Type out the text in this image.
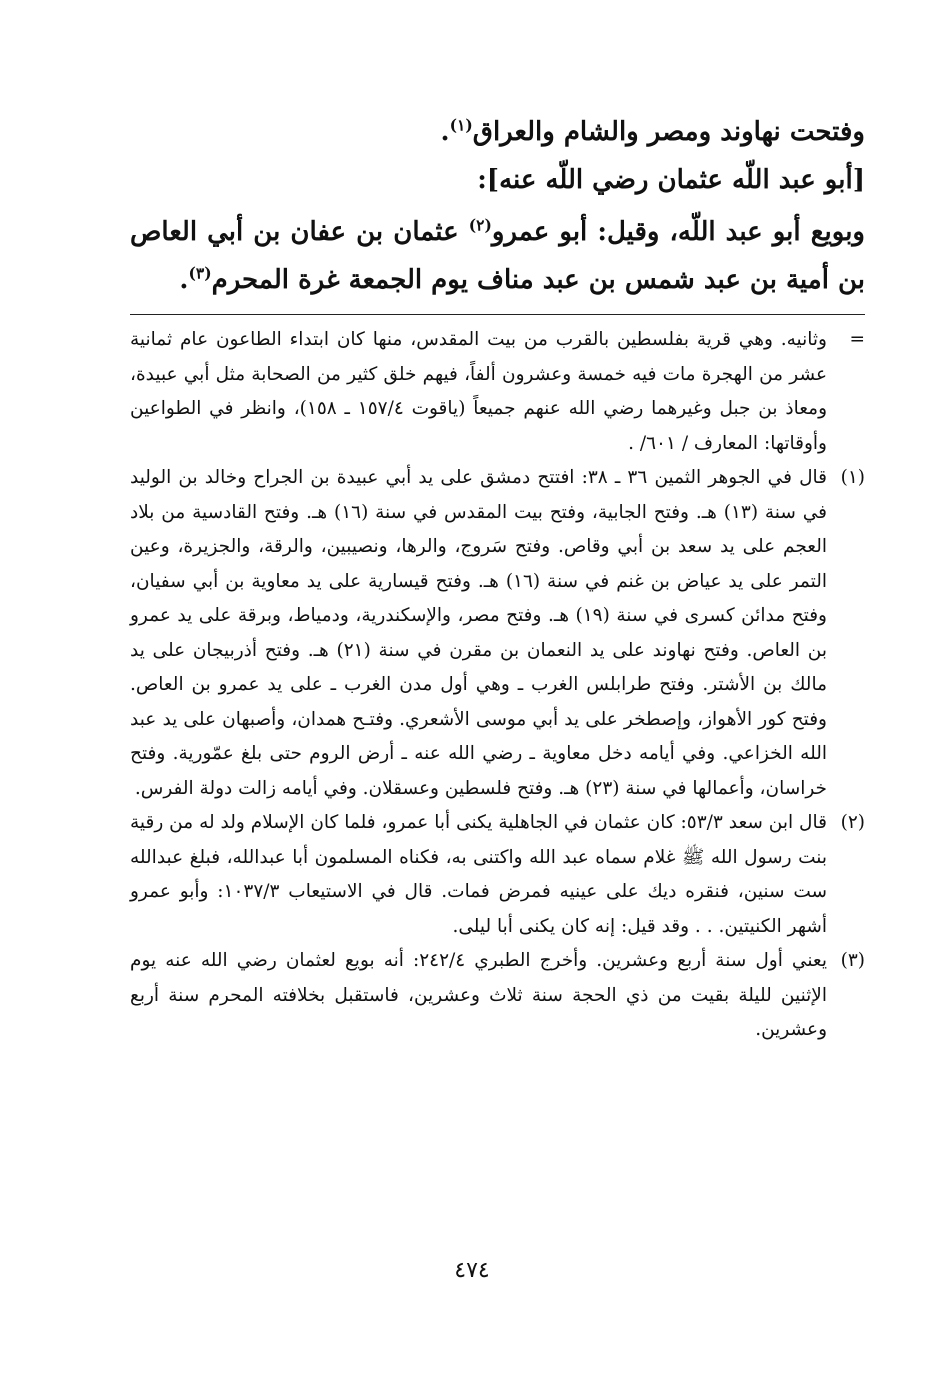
وفتحت نهاوند ومصر والشام والعراق$^{(١)}$.

[أبو عبد اللّه عثمان رضي اللّه عنه]:

وبويع أبو عبد اللّه، وقيل: أبو عمرو$^{(٢)}$ عثمان بن عفان بن أبي العاص بن أمية بن عبد شمس بن عبد مناف يوم الجمعة غرة المحرم$^{(٣)}$.

=
وثانيه. وهي قرية بفلسطين بالقرب من بيت المقدس، منها كان ابتداء الطاعون عام ثمانية عشر من الهجرة مات فيه خمسة وعشرون ألفاً، فيهم خلق كثير من الصحابة مثل أبي عبيدة، ومعاذ بن جبل وغيرهما رضي الله عنهم جميعاً (ياقوت ١٥٧/٤ ـ ١٥٨)، وانظر في الطواعين وأوقاتها: المعارف / ٦٠١/ .
(١)
قال في الجوهر الثمين ٣٦ ـ ٣٨: افتتح دمشق على يد أبي عبيدة بن الجراح وخالد بن الوليد في سنة (١٣) هـ. وفتح الجابية، وفتح بيت المقدس في سنة (١٦) هـ. وفتح القادسية من بلاد العجم على يد سعد بن أبي وقاص. وفتح سَروج، والرها، ونصيبين، والرقة، والجزيرة، وعين التمر على يد عياض بن غنم في سنة (١٦) هـ. وفتح قيسارية على يد معاوية بن أبي سفيان، وفتح مدائن كسرى في سنة (١٩) هـ. وفتح مصر، والإسكندرية، ودمياط، وبرقة على يد عمرو بن العاص. وفتح نهاوند على يد النعمان بن مقرن في سنة (٢١) هـ. وفتح أذربيجان على يد مالك بن الأشتر. وفتح طرابلس الغرب ـ وهي أول مدن الغرب ـ على يد عمرو بن العاص. وفتح كور الأهواز، وإصطخر على يد أبي موسى الأشعري. وفتـح همدان، وأصبهان على يد عبد الله الخزاعي. وفي أيامه دخل معاوية ـ رضي الله عنه ـ أرض الروم حتى بلغ عمّورية. وفتح خراسان، وأعمالها في سنة (٢٣) هـ. وفتح فلسطين وعسقلان. وفي أيامه زالت دولة الفرس.
(٢)
قال ابن سعد ٥٣/٣: كان عثمان في الجاهلية يكنى أبا عمرو، فلما كان الإسلام ولد له من رقية بنت رسول الله ﷺ غلام سماه عبد الله واكتنى به، فكناه المسلمون أبا عبدالله، فبلغ عبدالله ست سنين، فنقره ديك على عينيه فمرض فمات. قال في الاستيعاب ١٠٣٧/٣: وأبو عمرو أشهر الكنيتين. . . وقد قيل: إنه كان يكنى أبا ليلى.
(٣)
يعني أول سنة أربع وعشرين. وأخرج الطبري ٢٤٢/٤: أنه بويع لعثمان رضي الله عنه يوم الإثنين لليلة بقيت من ذي الحجة سنة ثلاث وعشرين، فاستقبل بخلافته المحرم سنة أربع وعشرين.
٤٧٤
